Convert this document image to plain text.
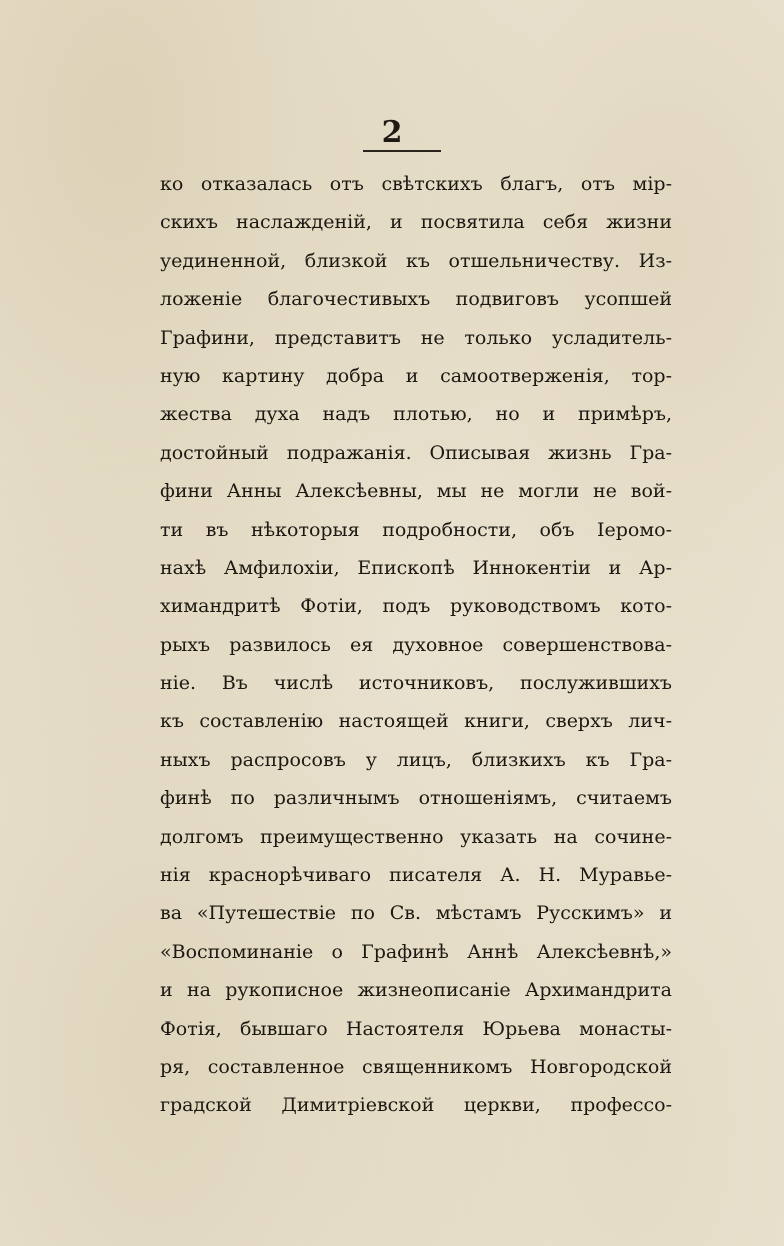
2
ко отказалась отъ свѣтскихъ благъ, отъ мір-
скихъ наслажденій, и посвятила себя жизни
уединенной, близкой къ отшельничеству. Из-
ложеніе благочестивыхъ подвиговъ усопшей
Графини, представитъ не только усладитель-
ную картину добра и самоотверженія, тор-
жества духа надъ плотью, но и примѣръ,
достойный подражанія. Описывая жизнь Гра-
фини Анны Алексѣевны, мы не могли не вой-
ти въ нѣкоторыя подробности, объ Іеромо-
нахѣ Амфилохіи, Епископѣ Иннокентіи и Ар-
химандритѣ Фотіи, подъ руководствомъ кото-
рыхъ развилось ея духовное совершенствова-
ніе. Въ числѣ источниковъ, послужившихъ
къ составленію настоящей книги, сверхъ лич-
ныхъ распросовъ у лицъ, близкихъ къ Гра-
финѣ по различнымъ отношеніямъ, считаемъ
долгомъ преимущественно указать на сочине-
нія краснорѣчиваго писателя А. Н. Муравье-
ва «Путешествіе по Св. мѣстамъ Русскимъ» и
«Воспоминаніе о Графинѣ Аннѣ Алексѣевнѣ,»
и на рукописное жизнеописаніе Архимандрита
Фотія, бывшаго Настоятеля Юрьева монасты-
ря, составленное священникомъ Новгородской
градской Димитріевской церкви, профессо-
